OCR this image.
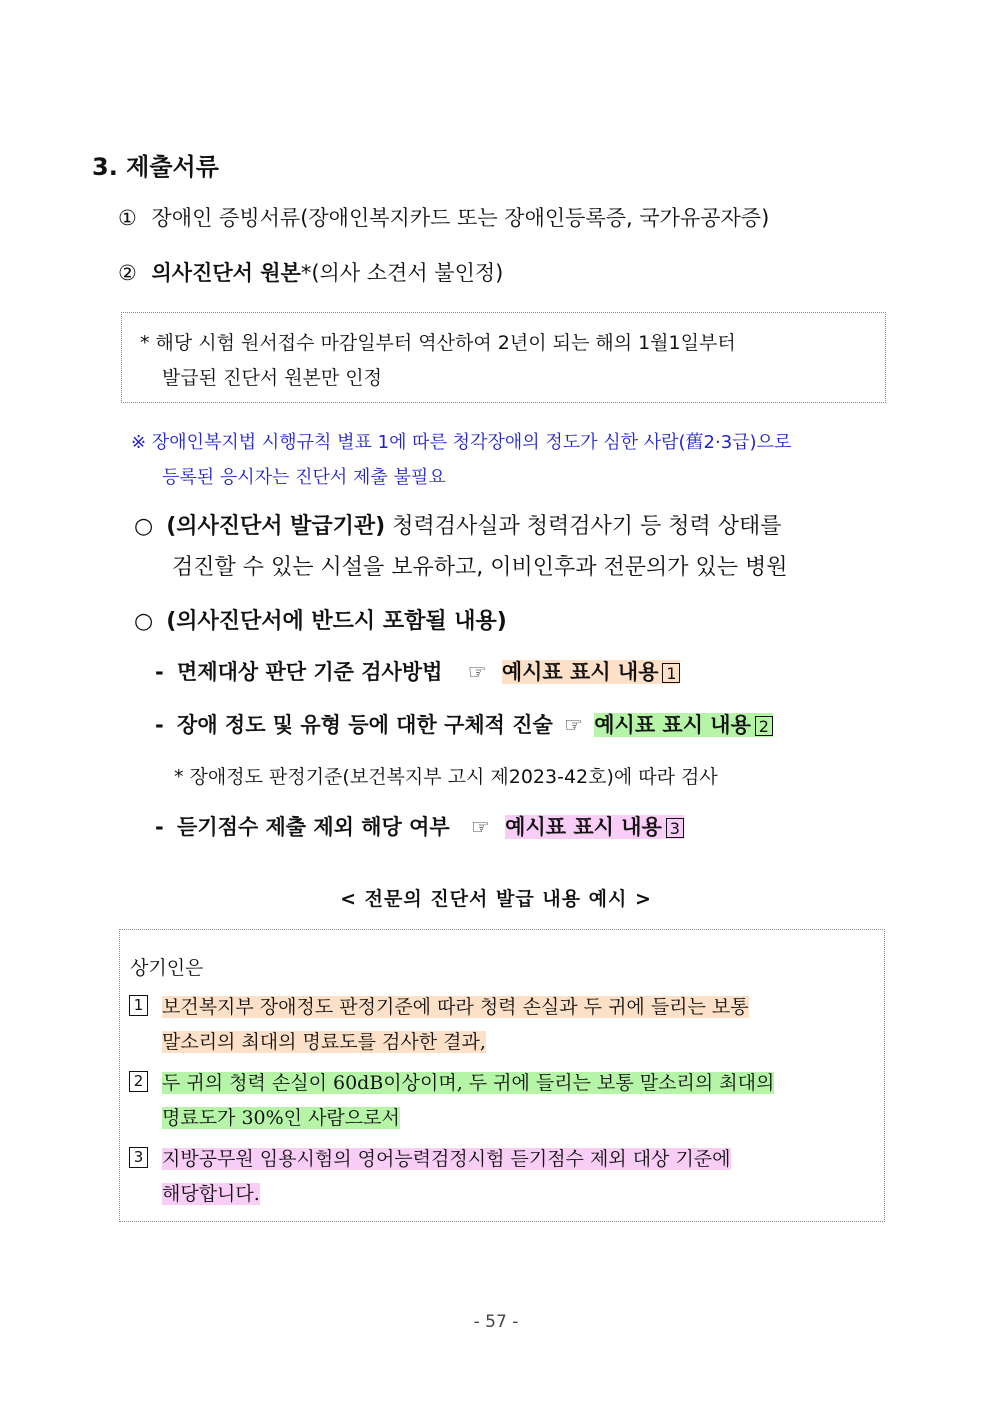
3. 제출서류
① 장애인 증빙서류(장애인복지카드 또는 장애인등록증, 국가유공자증)
② 의사진단서 원본*(의사 소견서 불인정)
* 해당 시험 원서접수 마감일부터 역산하여 2년이 되는 해의 1월1일부터
발급된 진단서 원본만 인정
※ 장애인복지법 시행규칙 별표 1에 따른 청각장애의 정도가 심한 사람(舊2·3급)으로
등록된 응시자는 진단서 제출 불필요
○ (의사진단서 발급기관) 청력검사실과 청력검사기 등 청력 상태를
검진할 수 있는 시설을 보유하고, 이비인후과 전문의가 있는 병원
○ (의사진단서에 반드시 포함될 내용)
- 면제대상 판단 기준 검사방법 ☞ 예시표 표시 내용 1
- 장애 정도 및 유형 등에 대한 구체적 진술 ☞ 예시표 표시 내용 2
* 장애정도 판정기준(보건복지부 고시 제2023-42호)에 따라 검사
- 듣기점수 제출 제외 해당 여부 ☞ 예시표 표시 내용 3
< 전문의 진단서 발급 내용 예시 >
상기인은
1 보건복지부 장애정도 판정기준에 따라 청력 손실과 두 귀에 들리는 보통
말소리의 최대의 명료도를 검사한 결과,
2 두 귀의 청력 손실이 60dB이상이며, 두 귀에 들리는 보통 말소리의 최대의
명료도가 30%인 사람으로서
3 지방공무원 임용시험의 영어능력검정시험 듣기점수 제외 대상 기준에
해당합니다.
- 57 -
